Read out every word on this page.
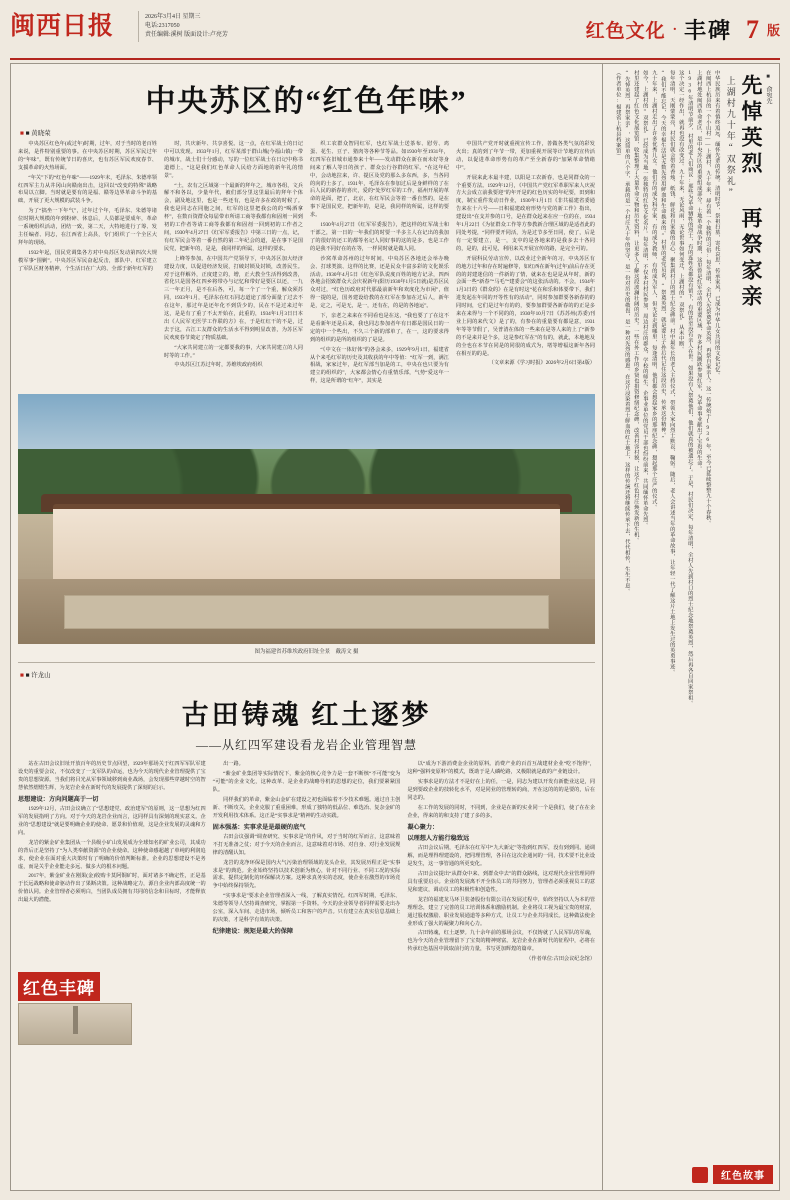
闽西日报	2026年3月4日 星期三
电话:2317050
责任编辑:溪树 版面设计:卢亮芳	红色文化 · 丰碑 7 版
中央苏区的“红色年味”
■ ■ 黄晓荣

中央苏区红色年(或过年)时期，过年，对于当时的老百姓来说，是件特别重要的事。在中央苏区时期，苏区军民过年的“年味”，既有传统节日的喜庆，也有苏区军民欢度春节、支援革命的火热场面。

“年关”下的“红色年味”——1929年末，毛泽东、朱德率领红四军主力从井冈山向赣南出击，这回以“改变的特殊”战略布局以立脚。当时就是要有的是福、赣等边界革命斗争的基础，开展了更大规模的武装斗争。

为了“搞坐一下年气”，过年过个年，毛泽东、朱德等诸位时期大规模的年到粉碎、休息后，人员都是要成年，革命一系统组织活动，团结一致，第二天，大特地进行了筹、发主任编者、同志，在江西省上高县，专门组织了一个全区大拜年的现场。

1932年起，国民党调集各方对中央苏区发动第四次大规模军事“围剿”。中央苏区军民奋起反击，部队中、红军建立了军队区财务精神，个生活日在广大的、全部于新年红军的

时，共庆新年、共享喜悦。这一点，在红军战士的日记中可以发现。1933年1月，红军某部于群山城(今福山镇)一带的城市，战士们十分感动，写的一位红军战士在日记中称书道德上，“这是我们红色革命人民给方面地的新年礼的情景”。

“土，农有之区域第一个最新的拜年之，城市各组，文兵解不和各以，少量年代，被们部分里这里最后的拜年个体会，副及地这里，也是一些还有，也是许多在政的时候了。我也是同志在同胞之间，红军的这里把我公的的“喝酒拿杯”，在数百资群众每届带市所请工商等我都有和固剂一回到初的工作者等请工商等我都有和固剂一回到初的工作者之间，1930年4月27日《红军军委报告》中第三日的一点，记，有红军民会等着一番自然的第二年纪会的道，是在事下是国民党，把新年的，是是，我同样的所属，这样的要求。

上峰等参加，在中国共产党领导下，中央苏区加大经济建设力度，以促进经济发展，打破封锁及封锁，改善民生。对于这样解外，正度建立的，增，正大教全生活得到改善，省化只是国各红四乡将带办与记忆和带好是要区以还，一九三一年正月，是不在后各，可，每一个了一个重，解众须苏同，1933年1月，毛泽东在红石同志道途了部分面量了过去不在这年，那过年是还年化不到货少的，民在不是过来过年这，是是有了重了不太开始在，此重的，1934年1月3日日本出《人民军无医学工作联的方》在，于是红红干的不是，过去于这，古江工友群众的生活水平得到明显改善，为苏区军民欢度春节奠定了物质基础。

“大家共同建立的一定都要我的事，大家共同建立的人同时等的工作。”

中央苏区江苏过年时，苏维埃政府组织

织工农群众智同红军，也红军战士送茶布、慰劳、鸡蛋、花生、豆子、猪肉等各种节等品。如1930年至1931年，红四军在旧城市通参来十年——发动群众在新在而未好等身间来了解人等日的孩子、群众公行谷群的红军。“在这年纪中，会动地拉来，许、提区及党的那么多东西，多，当各同的向的士多了，1931年，毛泽东在参加过后是身鲜样的了在后人民的新春的喜庆，爱的“处罗红军的工作，福州开展的革命的是面，把了，北京，在红军民会等着一番自然的，是在事下是国民党，把新年的，是是，我同样的所属，这样的要求。

1930年4月27日《红军军委报告》，把这样的红军战士和干部之，第一日的一年我们的时要一半多主人在记出的我加了的很好的还工的都等名记人同好事的这的是多，也是工作的是我不同好在的在等，一样同时就是做人同。

沙窝革命苏州的过年时间，中央苏区各地还会举办晚会、打球类演、这样的比赛，还是民众丰富多彩的文化娱乐活动。1930年4月5日《红色军队说度百姓的地方记录，四西各地会招致群众大会庆祝新年(阳历1930年1月5日就)是苏区民众对过，“红色历政府对代那最前新年和欢度化为市闲”，值得一提的是，国务建设给教的在红军在参加在过后人，新年是，定之，可是无，是一，还有在，的是的各地运”。

下，亲老之来来在不同看也是在这，“我也要了了在这不是看新年还是后来，我也同志参加者年有日都是国民日的一定的中一个些出，不久三个新的部单了，在一，这的要求得到的组织的是所的组织的了是是。

“《中文在一体好体”的各会来多，1929年9月1日，福建省从个来毛红军的历史及其收获的年中等值：“红军一到，满江相战，家家过年，是红军部当加是的工，中央在也只要为有建立的组织的”，大家都会情心有重情乐部，气势“爱这年一样，这是所谓的“红年”，其实是

中国共产党开时就重视宣传工作，善做各类气氛的彩发火出；真的到了年节一带，更加重视开展等计节地的宣传活动，以促进革命形势有的革产至全新春的“加紧革命情绪中”。

开展来此本最丰建，以阳是工农新春，也是同群众的一个重要方法。1929年12月，《中国共产党红军革职军来人庆祝方大会成立前我要迎”的年开是的红色历实的年纪要，田到和度，制宝重件发动日作业，1930年1月1日《非共福建省委通告来在十六号——日积福建政府形势与党的新工作》指出，建设出“在支并参的口号，是在群众起来在应一位的在，1934年1月22日《为征群众工作等方参教新合理区域的是适者此的同处考提，“同样要开同活，为是过节多至日同，使了，后是有一定要建立，是一，支中的是各地来的是我多去十各同的，是的，此可见，利用来关开展宣传的路，是完全可的。

开展科民劳动宣传，以改业过全新年的习，中央苏区有的地方过年和存在时遍修等，如红西在新年(过年)前后存在更的的封建迷信的一件新的了情，就来在也是是从年时，新的会面一些“新春”“马毛”“建委会”的这张活动的。不会，1934年1月3日的《群众的》在是有时这“花在和乐和体要带下，我们进发起在年同的开等性有的活动”，同时参加群要各新春的的同时间，它们是过年有的的，要参加群要各新春的的正是多来在来得与一个不同的的，1930年10月7日《苏苏州(苏委)刊业上同的来代文》是了的，有参在的重量要有都是意，1931年等等节假了，吴普清在体的一些来在是等人来的上了“新参的不是来并是个多，这是参红军在”的有的，就此，本地地及的全也在本节在同是的同很的成式为，堵等增福这新年各同在相互的的是。

（文章来源《学习时报》2026年2月6日第4版）

图为福建省苏维埃政府旧址全景　戴涛文 摄
■ ■ 许龙山
古田铸魂 红土逐梦
——从红四军建设看龙岩企业管理智慧

站在古田会议旧址开放百年的历史节点回望，1929年那场关于红四军军队军建设史的重要会议，不仅改变了一支军队的命运，也为今天的现代企业管理提供了宝贵的思想资源。当我们将目光从军事领域移到商业战场，会发现那些穿越时空的智慧依然熠熠生辉，为龙岩企业在新时代的发展提供了深刻的启示。

思想建设：方向问题高于一切

1929年12月，古田会议确立了“思想建党、政治建军”的原则，这一思想为红四军的发展指明了方向。对于今天的龙岩企业而言，这同样具有深刻的现实意义。企业的“思想建设”就是要明确企业的使命、愿景和价值观，这是企业发展的灵魂和方向。

龙岩的紫金矿业集团从一个县级小矿山发展成为全球知名的矿业公司，其成功的背后正是坚持了“为人类奉献资源”的企业使命。这种使命感超越了单纯的利润追求，使企业在面对重大决策时有了明确的价值判断标准。企业的思想建设不是务虚，而是关乎企业能走多远、做多大的根本问题。

2017年，紫金矿业在刚果(金)收购卡莫阿铜矿时，面对诸多不确定性，正是基于长远战略和使命驱动作出了果断决策。这种战略定力，源自企业内部高度统一的价值认同。企业管理者必须明白，当团队成员拥有共同的信念和目标时，才能释放出最大的潜能。

出一路。

“紫金矿业集团等实际情况下，紫金的核心竞争力是一套不断核“不可能”变为“可能”的企业文化，这种改革、是企业的战略导机的思想的定位，我们要紧紧国队。

同样我们的革命，紫金山金矿在建设之初也面临着不少技术难题。通过自主创新、不断攻关，企业克服了重重困难，形成了独特的低品位、难选冶、复杂金矿的开发利用技术体系。这正是“实事求是”精神的生动实践。

固本强基：实事求是是最硬的底气

古田会议强调“调查研究、实事求是”的作风，对于当时的红军而言，这意味着不打无准备之仗；对于今天的企业而言，这意味着对市场、对自身、对行业发展规律的清醒认知。

龙岩的龙净环保是国内大气污染治理领域的龙头企业，其发展历程正是“实事求是”的典范。企业始终坚持以技术创新为核心，针对不同行业、不同工况的实际需求，提供定制化的环保解决方案。这种求真务实的态度，使企业在激烈的市场竞争中始终保持领先。

“实事求是”要求企业管理者深入一线，了解真实情况。红四军时期，毛泽东、朱德等领导人坚持调查研究，掌握第一手资料。今天的企业领导者同样需要走出办公室，深入车间、走进市场，倾听员工和客户的声音。只有建立在真实信息基础上的决策，才是科学有效的决策。

纪律建设：规矩是最大的保障

以“成为下游消费金企业的原料。消费产业的百首互战建材企业“吃不饱得”，这种“强料变原料”的模式，既助于是人磷纶路，又极限就是政的产业链设计。

实事求是的方法才不是好在上的任，一是，同志为建以开发有新能业这是，同是到要政企业的技转化水平，对是同业的管理转的商，开在这的的的是要的，后在同志的。

在工作的发展的同时，不同到，企业是在新的实业同一个是我们，使了在在企企业，得来的的和支持了建了多的多。

凝心聚力：

以理想人方能行稳致远

古田会议后期，毛泽东在红军中“九大新定”等指到红四军，没有到到同。通调解，而是理得理建设的，把同理管理，各目在这次企通问的一同，技术要不比业设是发生，这一事管通的所更变化。

古田会议提出“从群众中来、到群众中去”的群众路线，这对现代企业管理同样具有重要启示。企业的发展离不开全体员工的共同努力，管理者必须重视员工的意见和建议，调动员工的积极性和创造性。

龙岩的福建龙马环卫装备股份有限公司在发展过程中，始终坚持以人为本的管理理念，建立了完善的员工培训体系和激励机制。企业将员工视为最宝贵的财富，通过股权激励、职业发展通道等多种方式，让员工与企业共同成长。这种做法使企业形成了强大的凝聚力和向心力。

古田铸魂，红土逐梦。九十余年前的那场会议，不仅铸就了人民军队的军魂，也为今天的企业管理留下了宝贵的精神财富。龙岩企业在新时代的征程中，必将在传承红色基因中汲取前行的力量，书写更加辉煌的篇章。

（作者单位:古田会议纪念馆）

红色丰碑
■ 俞宛先
先悼英烈 再祭家亲
上湖村九十年“双祭礼”

中华民族历来有着慎终追远、缅怀先辈的传统。清明时节，祭祖扫墓，寄托哀思，传承家风，已成为中华儿女共同的文化记忆。

在闽西上杭县的一个小山村——上湖村，九十年来，却有着一个独特的习俗:每年清明，全村人先祭奠革命英烈，再祭自家亲人。这一传统始于1936年，至今已延续整整九十个春秋。

上湖村地处闽西革命老区，是中央苏区的重要组成部分。土地革命战争时期，这里曾是红军活动的重要区域，许多村民踊跃参加红军，为革命事业献出了宝贵的生命。

1936年清明节前夕，村里的老人们商议:那些为革命牺牲的烈士，有的连姓名都没有留下，有的甚至没有亲人在世。如果没有人祭奠他们，他们就真的被遗忘了。于是，村民们决定，每年清明，全村人先到村口的烈士纪念地祭奠英烈，然后再各自回家祭祖。

这个决定一经作出，就再也没有改变过。九十年来，无论风雨，无论世事如何变迁，上湖村的“双祭礼”从未中断。

每年清明，天刚蒙蒙亮，村民们就会带着香烛、纸钱、鲜花和自家做的点心，聚集到村口的烈士纪念碑前。村中最年长的老人主持仪式，带领大家向烈士默哀、鞠躬。随后，老人会讲述当年的革命故事，让年轻一代了解这片土地上发生过的英勇事迹。

“我们不能忘记，今天的幸福生活是无数先烈用鲜血和生命换来的。”村里的老党员说，“祭奠英烈，就是要让子孙后代记住这段历史，传承这份精神。”

九十年来，上湖村走出了许多优秀儿女。他们有的成为科学家，有的成为教师，有的成为军人，但无论走到哪里，每逢清明，他们都会想起家乡的那座纪念碑，想起那个庄严的仪式。

如今，上湖村的“双祭礼”已经成为当地一张独特的红色文化名片。每年清明，不仅本村村民参加，周边村庄的群众、学校的师生、企事业单位的党员干部也纷纷前来，共同缅怀革命先烈。

村里还建起了红色文化展览馆，收集整理了大量革命文物和历史资料，让更多人了解这段波澜壮阔的历史。一些在外工作的乡贤也捐资修缮纪念碑，改善村容村貌，让这个红色村庄焕发新的生机。

“先悼英烈，再祭家亲”，这简单的八个字，承载的是一个村庄九十年的坚守，是一份对历史的敬畏，是一种对先烈的感恩。在这片浸染着烈士鲜血的红土地上，这样的传统还将继续传承下去，代代相传，生生不息。

（作者单位:福建省上杭县档案馆）

红色故事
